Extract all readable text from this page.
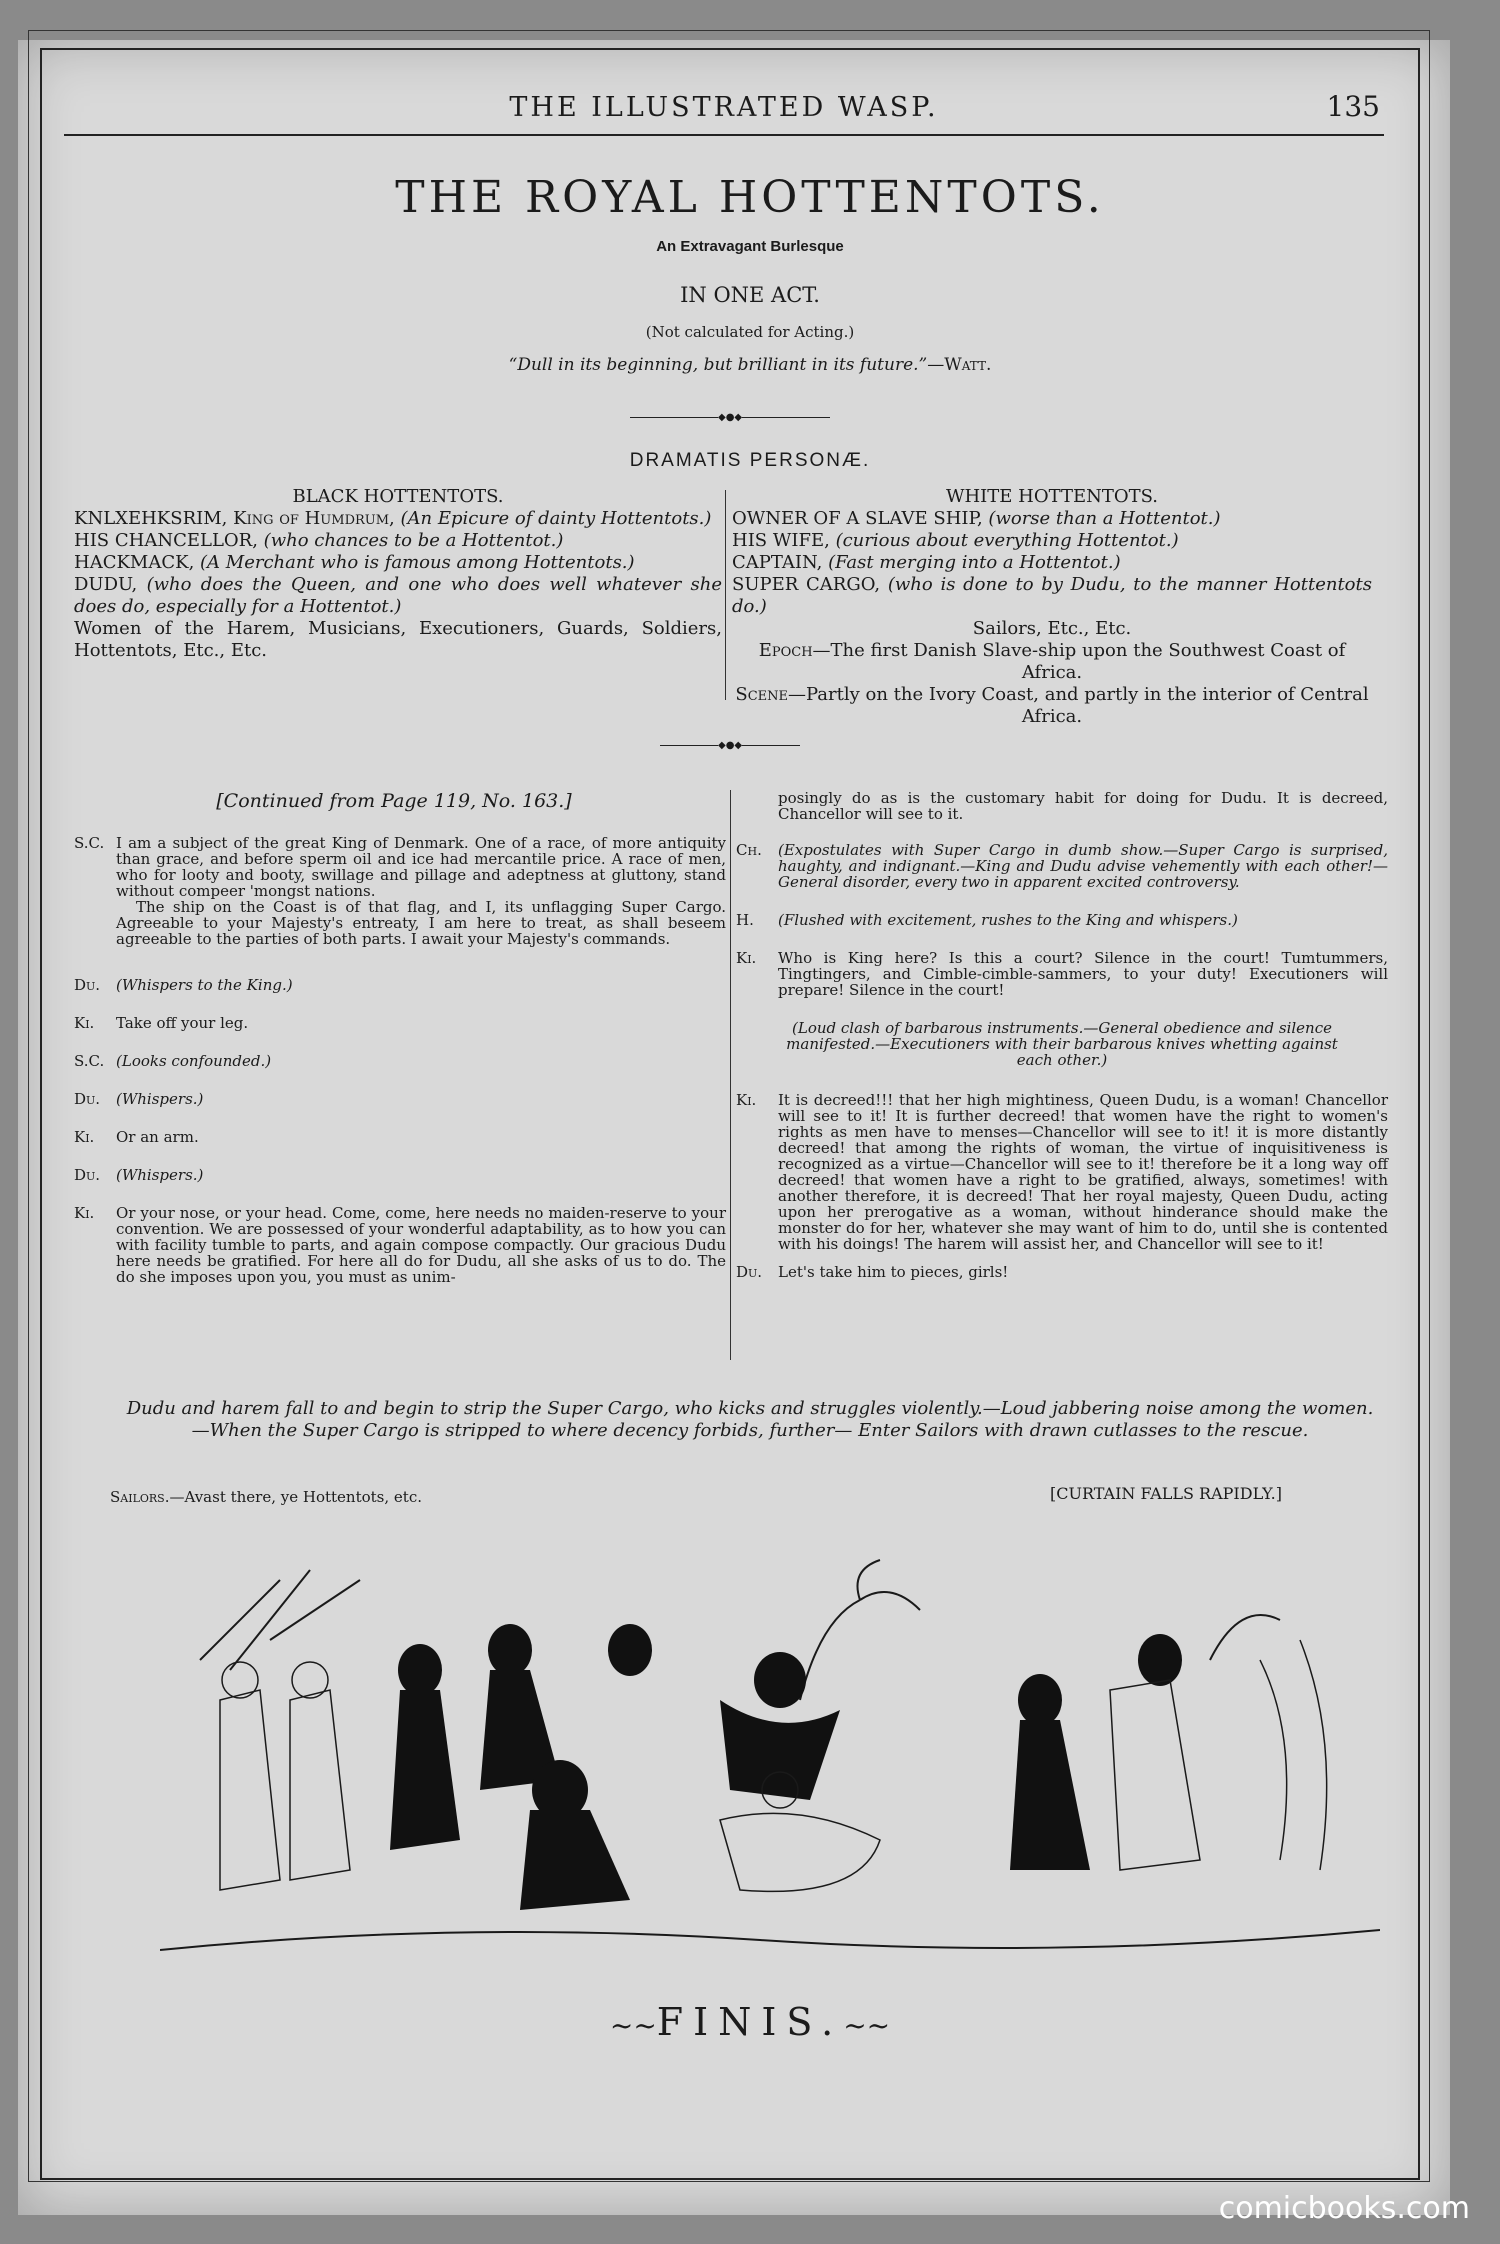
THE ILLUSTRATED WASP.	135
THE ROYAL HOTTENTOTS.
An Extravagant Burlesque
IN ONE ACT.
(Not calculated for Acting.)
“Dull in its beginning, but brilliant in its future.”—Watt.
◆●◆
DRAMATIS PERSONÆ.
BLACK HOTTENTOTS.

KNLXEHKSRIM, King of Humdrum, (An Epicure of dainty Hottentots.)

HIS CHANCELLOR, (who chances to be a Hottentot.)

HACKMACK, (A Merchant who is famous among Hottentots.)

DUDU, (who does the Queen, and one who does well whatever she does do, especially for a Hottentot.)

Women of the Harem, Musicians, Executioners, Guards, Soldiers, Hottentots, Etc., Etc.

WHITE HOTTENTOTS.

OWNER OF A SLAVE SHIP, (worse than a Hottentot.)

HIS WIFE, (curious about everything Hottentot.)

CAPTAIN, (Fast merging into a Hottentot.)

SUPER CARGO, (who is done to by Dudu, to the manner Hottentots do.)

Sailors, Etc., Etc.

Epoch—The first Danish Slave-ship upon the Southwest Coast of Africa.

Scene—Partly on the Ivory Coast, and partly in the interior of Central Africa.

◆●◆
[Continued from Page 119, No. 163.]
S.C. I am a subject of the great King of Denmark. One of a race, of more antiquity than grace, and before sperm oil and ice had mercantile price. A race of men, who for looty and booty, swillage and pillage and adeptness at gluttony, stand without compeer 'mongst nations.

The ship on the Coast is of that flag, and I, its unflagging Super Cargo. Agreeable to your Majesty's entreaty, I am here to treat, as shall beseem agreeable to the parties of both parts. I await your Majesty's commands.

Du.	(Whispers to the King.)
Ki.	Take off your leg.
S.C. (Looks confounded.)
Du.	(Whispers.)
Ki.	Or an arm.
Du.	(Whispers.)
Ki.	Or your nose, or your head. Come, come, here needs no maiden-reserve to your convention. We are possessed of your wonderful adaptability, as to how you can with facility tumble to parts, and again compose compactly. Our gracious Dudu here needs be gratified. For here all do for Dudu, all she asks of us to do. The do she imposes upon you, you must as unim-

posingly do as is the customary habit for doing for Dudu. It is decreed, Chancellor will see to it.

Ch.	(Expostulates with Super Cargo in dumb show.—Super Cargo is surprised, haughty, and indignant.—King and Dudu advise vehemently with each other!—General disorder, every two in apparent excited controversy.
H.	(Flushed with excitement, rushes to the King and whispers.)
Ki.	Who is King here? Is this a court? Silence in the court! Tumtummers, Tingtingers, and Cimble-cimble-sammers, to your duty! Executioners will prepare! Silence in the court!

(Loud clash of barbarous instruments.—General obedience and silence manifested.—Executioners with their barbarous knives whetting against each other.)

Ki.	It is decreed!!! that her high mightiness, Queen Dudu, is a woman! Chancellor will see to it! It is further decreed! that women have the right to women's rights as men have to menses—Chancellor will see to it! it is more distantly decreed! that among the rights of woman, the virtue of inquisitiveness is recognized as a virtue—Chancellor will see to it! therefore be it a long way off decreed! that women have a right to be gratified, always, sometimes! with another therefore, it is decreed! That her royal majesty, Queen Dudu, acting upon her prerogative as a woman, without hinderance should make the monster do for her, whatever she may want of him to do, until she is contented with his doings! The harem will assist her, and Chancellor will see to it!
Du.	Let's take him to pieces, girls!
Dudu and harem fall to and begin to strip the Super Cargo, who kicks and struggles violently.—Loud jabbering noise among the women.—When the Super Cargo is stripped to where decency forbids, further— Enter Sailors with drawn cutlasses to the rescue.
Sailors.—Avast there, ye Hottentots, etc.	[CURTAIN FALLS RAPIDLY.]
~~FINIS.~~
comicbooks.com
